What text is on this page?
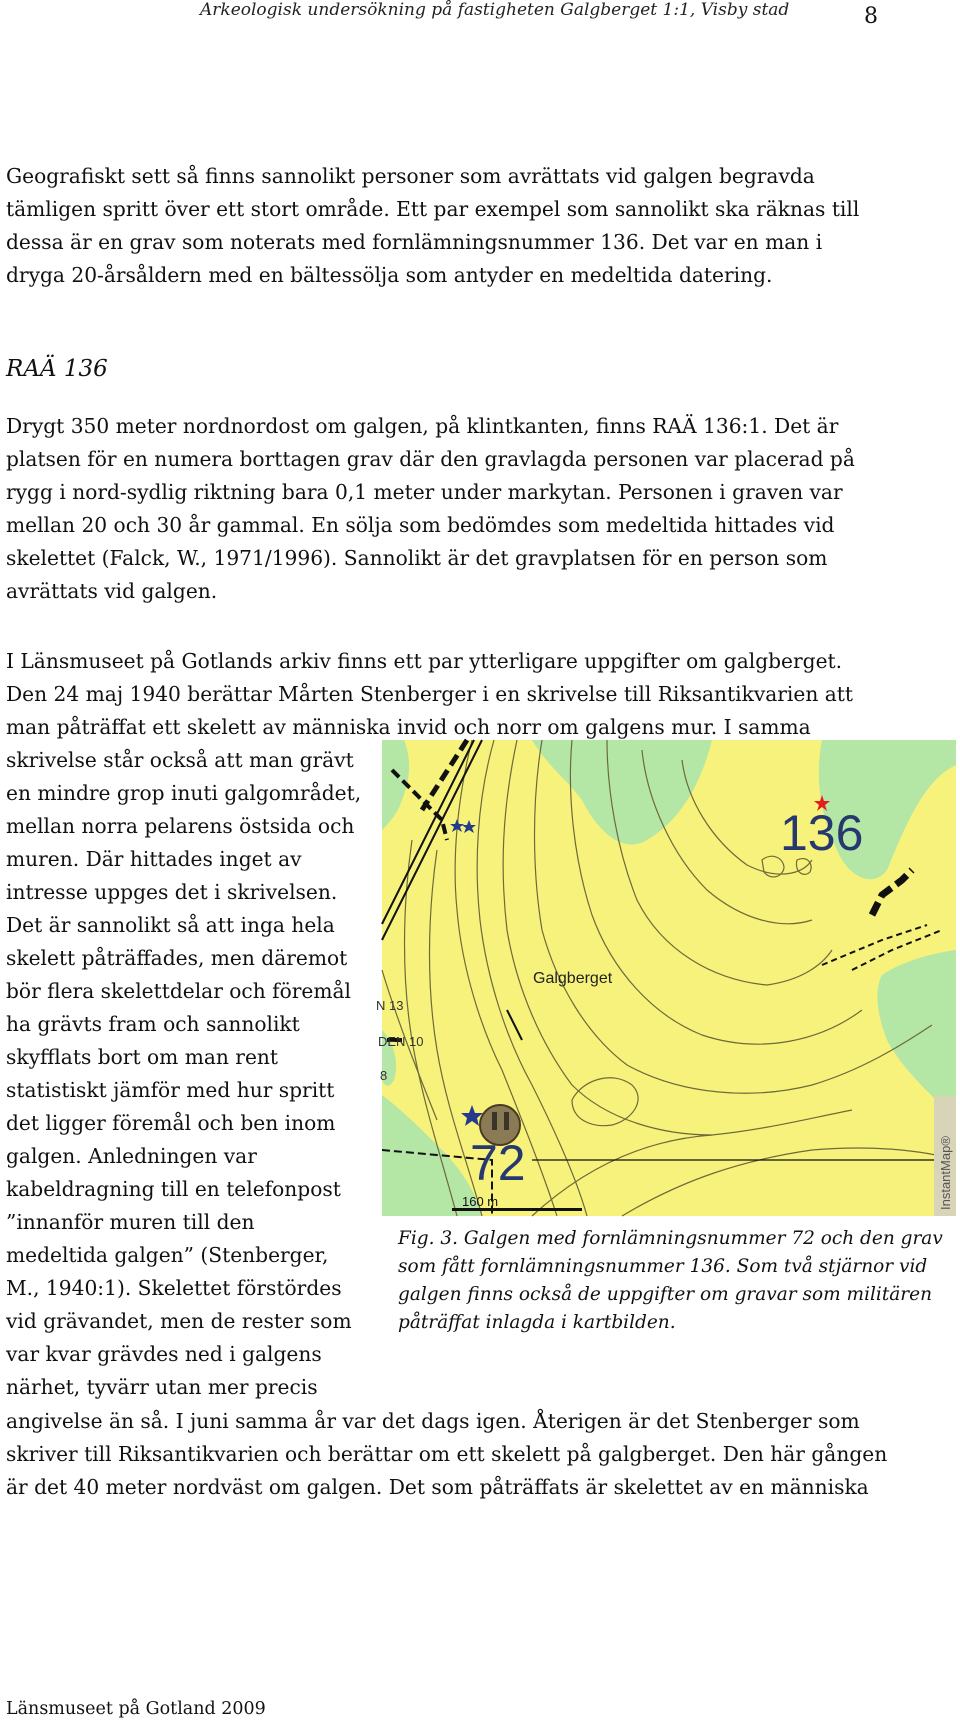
Arkeologisk undersökning på fastigheten Galgberget 1:1, Visby stad	8

Geografiskt sett så finns sannolikt personer som avrättats vid galgen begravda
tämligen spritt över ett stort område. Ett par exempel som sannolikt ska räknas till
dessa är en grav som noterats med fornlämningsnummer 136. Det var en man i
dryga 20-årsåldern med en bältessölja som antyder en medeltida datering.

RAÄ 136

Drygt 350 meter nordnordost om galgen, på klintkanten, finns RAÄ 136:1. Det är
platsen för en numera borttagen grav där den gravlagda personen var placerad på
rygg i nord-sydlig riktning bara 0,1 meter under markytan. Personen i graven var
mellan 20 och 30 år gammal. En sölja som bedömdes som medeltida hittades vid
skelettet (Falck, W., 1971/1996). Sannolikt är det gravplatsen för en person som
avrättats vid galgen.

I Länsmuseet på Gotlands arkiv finns ett par ytterligare uppgifter om galgberget.
Den 24 maj 1940 berättar Mårten Stenberger i en skrivelse till Riksantikvarien att
man påträffat ett skelett av människa invid och norr om galgens mur. I samma

skrivelse står också att man grävt
en mindre grop inuti galgområdet,
mellan norra pelarens östsida och
muren. Där hittades inget av
intresse uppges det i skrivelsen.
Det är sannolikt så att inga hela
skelett påträffades, men däremot
bör flera skelettdelar och föremål
ha grävts fram och sannolikt
skyfflats bort om man rent
statistiskt jämför med hur spritt
det ligger föremål och ben inom
galgen. Anledningen var
kabeldragning till en telefonpost
”innanför muren till den
medeltida galgen” (Stenberger,
M., 1940:1). Skelettet förstördes
vid grävandet, men de rester som
var kvar grävdes ned i galgens
närhet, tyvärr utan mer precis

angivelse än så. I juni samma år var det dags igen. Återigen är det Stenberger som
skriver till Riksantikvarien och berättar om ett skelett på galgberget. Den här gången
är det 40 meter nordväst om galgen. Det som påträffats är skelettet av en människa

136
Galgberget
72
N 13
DEN 10
8
160 m	InstantMap®
Fig. 3. Galgen med fornlämningsnummer 72 och den grav som fått fornlämningsnummer 136. Som två stjärnor vid galgen finns också de uppgifter om gravar som militären påträffat inlagda i kartbilden.
Länsmuseet på Gotland 2009
